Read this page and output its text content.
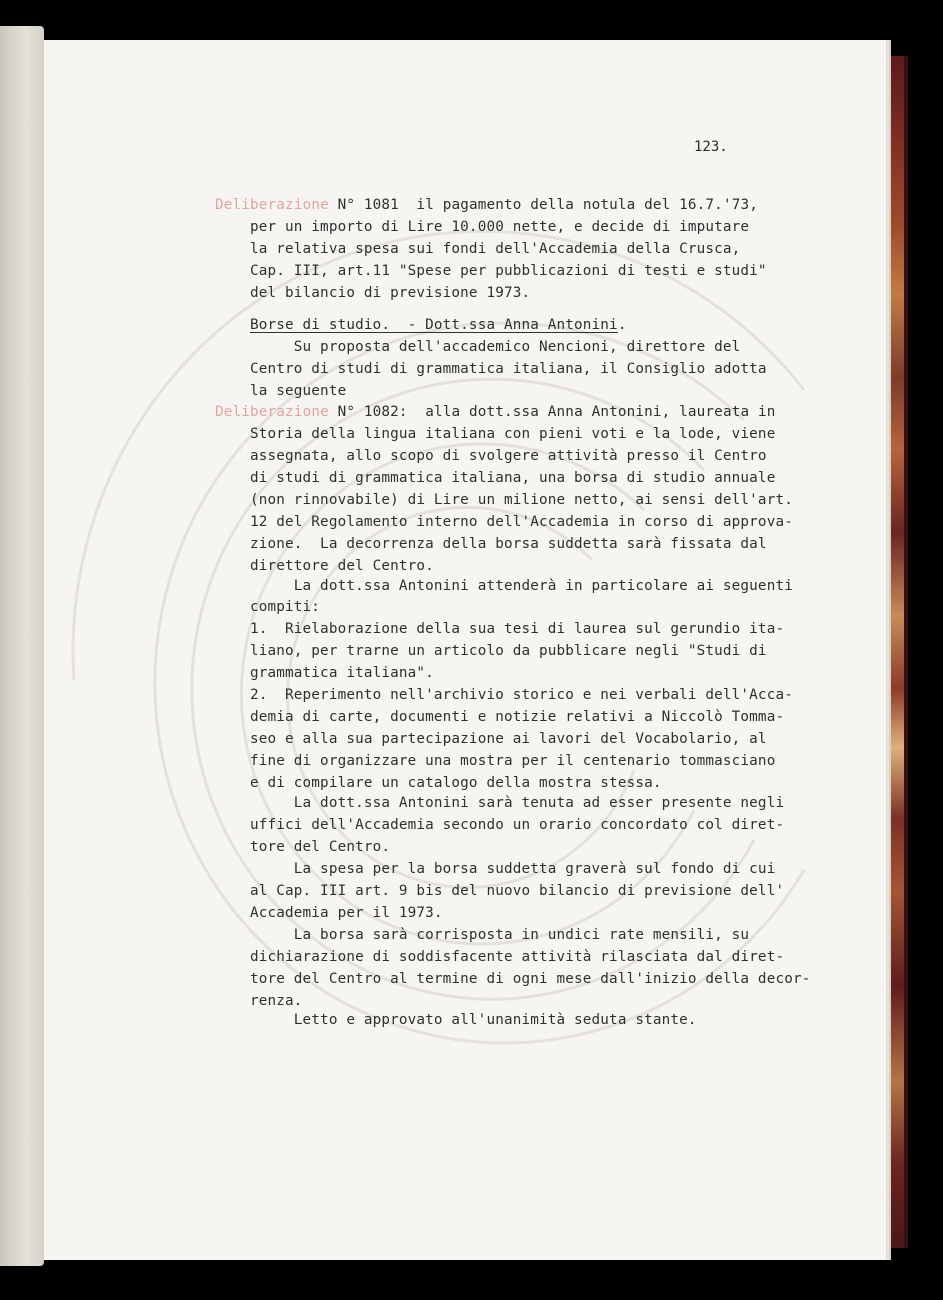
123.
Deliberazione N° 1081  il pagamento della notula del 16.7.'73,
per un importo di Lire 10.000 nette, e decide di imputare
la relativa spesa sui fondi dell'Accademia della Crusca,
Cap. III, art.11 "Spese per pubblicazioni di testi e studi"
del bilancio di previsione 1973.
Borse di studio.  - Dott.ssa Anna Antonini.
Su proposta dell'accademico Nencioni, direttore del
Centro di studi di grammatica italiana, il Consiglio adotta
la seguente
Deliberazione N° 1082:  alla dott.ssa Anna Antonini, laureata in
Storia della lingua italiana con pieni voti e la lode, viene
assegnata, allo scopo di svolgere attività presso il Centro
di studi di grammatica italiana, una borsa di studio annuale
(non rinnovabile) di Lire un milione netto, ai sensi dell'art.
12 del Regolamento interno dell'Accademia in corso di approva-
zione.  La decorrenza della borsa suddetta sarà fissata dal
direttore del Centro.
La dott.ssa Antonini attenderà in particolare ai seguenti
compiti:
1.  Rielaborazione della sua tesi di laurea sul gerundio ita-
liano, per trarne un articolo da pubblicare negli "Studi di
grammatica italiana".
2.  Reperimento nell'archivio storico e nei verbali dell'Acca-
demia di carte, documenti e notizie relativi a Niccolò Tomma-
seo e alla sua partecipazione ai lavori del Vocabolario, al
fine di organizzare una mostra per il centenario tommasciano
e di compilare un catalogo della mostra stessa.
La dott.ssa Antonini sarà tenuta ad esser presente negli
uffici dell'Accademia secondo un orario concordato col diret-
tore del Centro.
La spesa per la borsa suddetta graverà sul fondo di cui
al Cap. III art. 9 bis del nuovo bilancio di previsione dell'
Accademia per il 1973.
La borsa sarà corrisposta in undici rate mensili, su
dichiarazione di soddisfacente attività rilasciata dal diret-
tore del Centro al termine di ogni mese dall'inizio della decor-
renza.
Letto e approvato all'unanimità seduta stante.
